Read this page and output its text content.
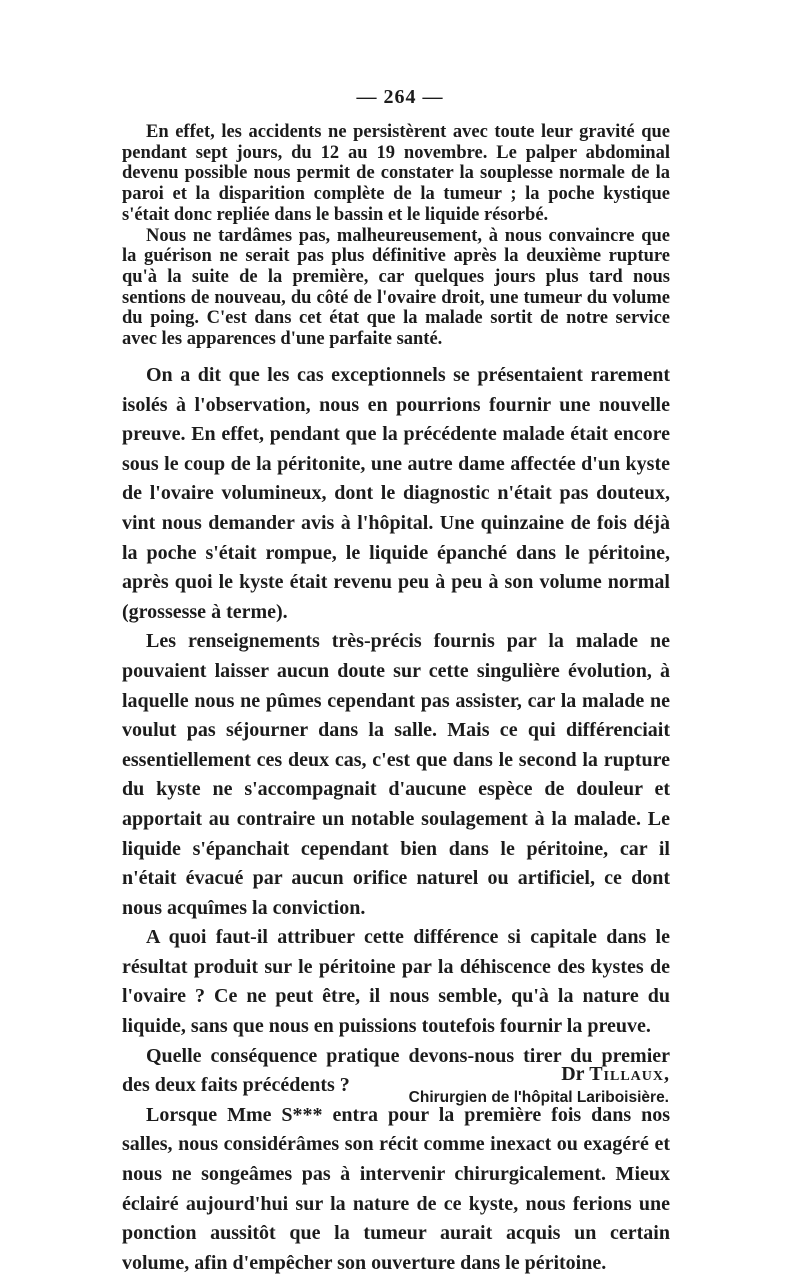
— 264 —

En effet, les accidents ne persistèrent avec toute leur gravité que pendant sept jours, du 12 au 19 novembre. Le palper abdominal devenu possible nous permit de constater la souplesse normale de la paroi et la disparition complète de la tumeur ; la poche kystique s'était donc repliée dans le bassin et le liquide résorbé.

Nous ne tardâmes pas, malheureusement, à nous convaincre que la guérison ne serait pas plus définitive après la deuxième rupture qu'à la suite de la première, car quelques jours plus tard nous sentions de nouveau, du côté de l'ovaire droit, une tumeur du volume du poing. C'est dans cet état que la malade sortit de notre service avec les apparences d'une parfaite santé.

On a dit que les cas exceptionnels se présentaient rarement isolés à l'observation, nous en pourrions fournir une nouvelle preuve. En effet, pendant que la précédente malade était encore sous le coup de la péritonite, une autre dame affectée d'un kyste de l'ovaire volumineux, dont le diagnostic n'était pas douteux, vint nous demander avis à l'hôpital. Une quinzaine de fois déjà la poche s'était rompue, le liquide épanché dans le péritoine, après quoi le kyste était revenu peu à peu à son volume normal (grossesse à terme).

Les renseignements très-précis fournis par la malade ne pouvaient laisser aucun doute sur cette singulière évolution, à laquelle nous ne pûmes cependant pas assister, car la malade ne voulut pas séjourner dans la salle. Mais ce qui différenciait essentiellement ces deux cas, c'est que dans le second la rupture du kyste ne s'accompagnait d'aucune espèce de douleur et apportait au contraire un notable soulagement à la malade. Le liquide s'épanchait cependant bien dans le péritoine, car il n'était évacué par aucun orifice naturel ou artificiel, ce dont nous acquîmes la conviction.

A quoi faut-il attribuer cette différence si capitale dans le résultat produit sur le péritoine par la déhiscence des kystes de l'ovaire ? Ce ne peut être, il nous semble, qu'à la nature du liquide, sans que nous en puissions toutefois fournir la preuve.

Quelle conséquence pratique devons-nous tirer du premier des deux faits précédents ?

Lorsque Mme S*** entra pour la première fois dans nos salles, nous considérâmes son récit comme inexact ou exagéré et nous ne songeâmes pas à intervenir chirurgicalement. Mieux éclairé aujourd'hui sur la nature de ce kyste, nous ferions une ponction aussitôt que la tumeur aurait acquis un certain volume, afin d'empêcher son ouverture dans le péritoine.

Dr Tillaux,
Chirurgien de l'hôpital Lariboisière.
